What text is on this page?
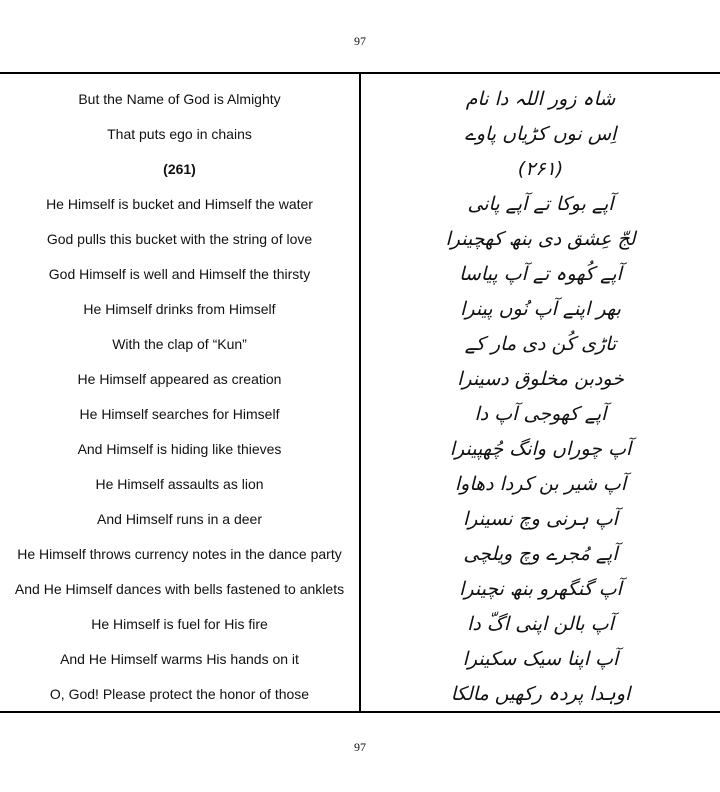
97
But the Name of God is Almighty	شاہ زور اللہ دا نام
That puts ego in chains	اِس نوں کڑیاں پاوے
(261)	(۲۶۱)
He Himself is bucket and Himself the water	آپے بوکا تے آپے پانی
God pulls this bucket with the string of love	لجّ عِشق دی بنھ کھچینرا
God Himself is well and Himself the thirsty	آپے کُھوہ تے آپ پیاسا
He Himself drinks from Himself	بھر اپنے آپ نُوں پینرا
With the clap of “Kun”	تاڑی کُن دی مار کے
He Himself appeared as creation	خودبن مخلوق دسینرا
He Himself searches for Himself	آپے کھوجی آپ دا
And Himself is hiding like thieves	آپ چوراں وانگ چُھپینرا
He Himself assaults as lion	آپ شیر بن کردا دھاوا
And Himself runs in a deer	آپ ہرنی وچ نسینرا
He Himself throws currency notes in the dance party	آپے مُجرے وچ ویلچی
And He Himself dances with bells fastened to anklets	آپ گنگھرو بنھ نچینرا
He Himself is fuel for His fire	آپ بالن اپنی اگّ دا
And He Himself warms His hands on it	آپ اپنا سیک سکینرا
O, God! Please protect the honor of those	اوہدا پردہ رکھیں مالکا
97
